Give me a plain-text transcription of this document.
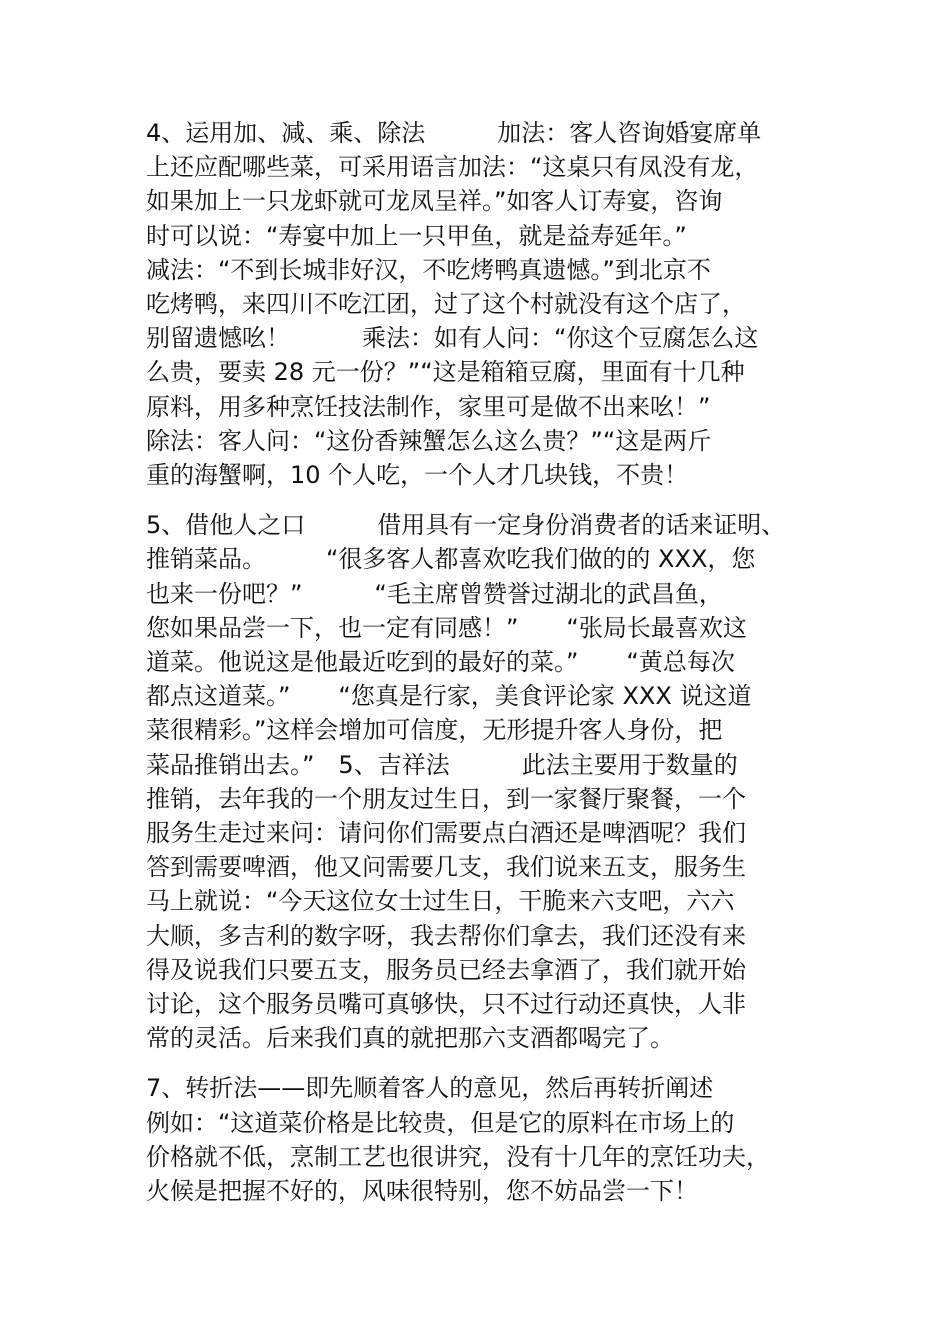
4、运用加、减、乘、除法　　　加法：客人咨询婚宴席单
上还应配哪些菜，可采用语言加法：“这桌只有凤没有龙，
如果加上一只龙虾就可龙凤呈祥。”如客人订寿宴，咨询
时可以说：“寿宴中加上一只甲鱼，就是益寿延年。”
减法：“不到长城非好汉，不吃烤鸭真遗憾。”到北京不
吃烤鸭，来四川不吃江团，过了这个村就没有这个店了，
别留遗憾吆！　　　乘法：如有人问：“你这个豆腐怎么这
么贵，要卖 28 元一份？”“这是箱箱豆腐，里面有十几种
原料，用多种烹饪技法制作，家里可是做不出来吆！”
除法：客人问：“这份香辣蟹怎么这么贵？”“这是两斤
重的海蟹啊，10 个人吃，一个人才几块钱，不贵！
5、借他人之口　　　借用具有一定身份消费者的话来证明、
推销菜品。　　　“很多客人都喜欢吃我们做的的 XXX，您
也来一份吧？”　　　“毛主席曾赞誉过湖北的武昌鱼，
您如果品尝一下，也一定有同感！”　　“张局长最喜欢这
道菜。他说这是他最近吃到的最好的菜。”　　“黄总每次
都点这道菜。”　　“您真是行家，美食评论家 XXX 说这道
菜很精彩。”这样会增加可信度，无形提升客人身份，把
菜品推销出去。”　5、吉祥法　　　此法主要用于数量的
推销，去年我的一个朋友过生日，到一家餐厅聚餐，一个
服务生走过来问：请问你们需要点白酒还是啤酒呢？我们
答到需要啤酒，他又问需要几支，我们说来五支，服务生
马上就说：“今天这位女士过生日，干脆来六支吧，六六
大顺，多吉利的数字呀，我去帮你们拿去，我们还没有来
得及说我们只要五支，服务员已经去拿酒了，我们就开始
讨论，这个服务员嘴可真够快，只不过行动还真快，人非
常的灵活。后来我们真的就把那六支酒都喝完了。
7、转折法——即先顺着客人的意见，然后再转折阐述
例如：“这道菜价格是比较贵，但是它的原料在市场上的
价格就不低，烹制工艺也很讲究，没有十几年的烹饪功夫，
火候是把握不好的，风味很特别，您不妨品尝一下！
